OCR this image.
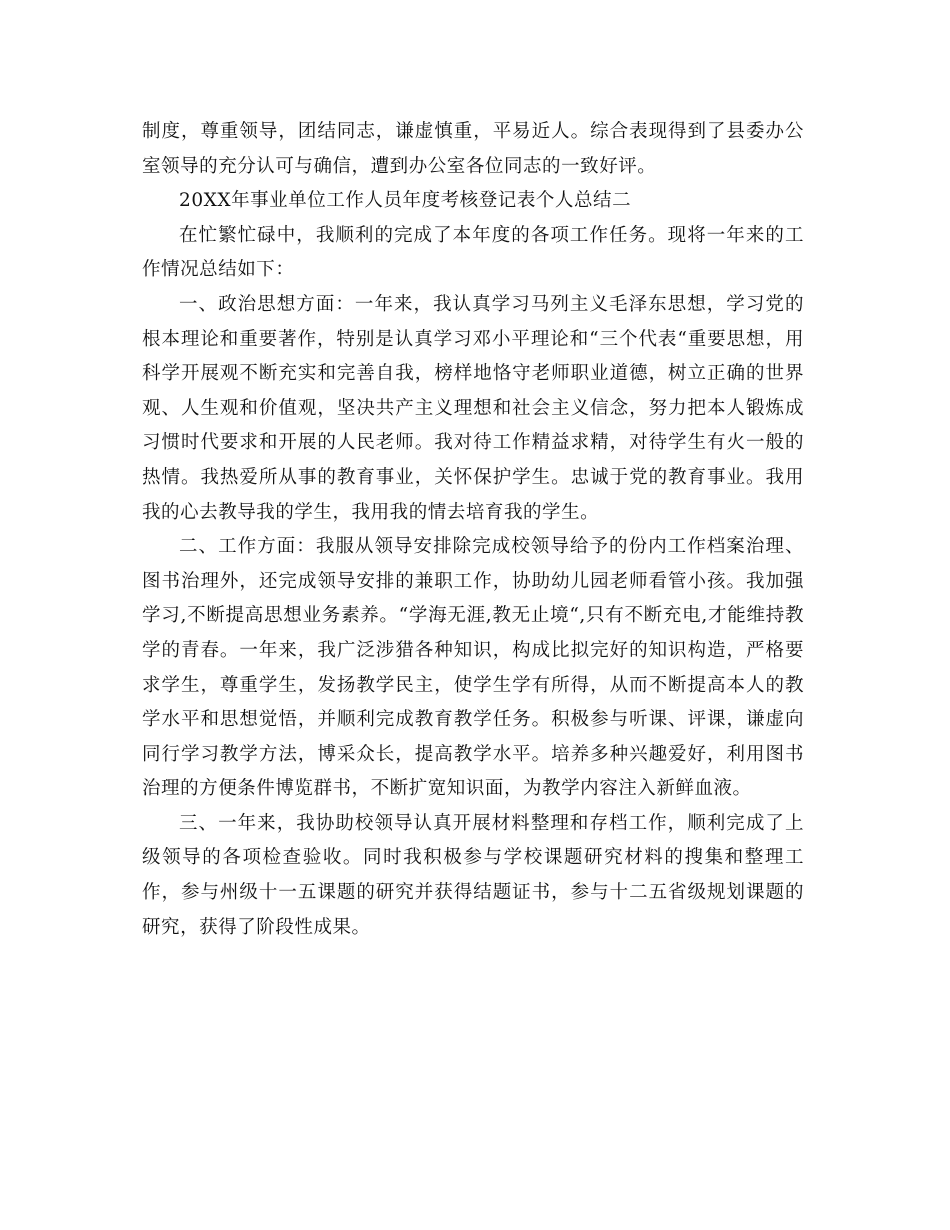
制度，尊重领导，团结同志，谦虚慎重，平易近人。综合表现得到了县委办公室领导的充分认可与确信，遭到办公室各位同志的一致好评。

20XX年事业单位工作人员年度考核登记表个人总结二

在忙繁忙碌中，我顺利的完成了本年度的各项工作任务。现将一年来的工作情况总结如下：

一、政治思想方面：一年来，我认真学习马列主义毛泽东思想，学习党的根本理论和重要著作，特别是认真学习邓小平理论和“三个代表“重要思想，用科学开展观不断充实和完善自我，榜样地恪守老师职业道德，树立正确的世界观、人生观和价值观，坚决共产主义理想和社会主义信念，努力把本人锻炼成习惯时代要求和开展的人民老师。我对待工作精益求精，对待学生有火一般的热情。我热爱所从事的教育事业，关怀保护学生。忠诚于党的教育事业。我用我的心去教导我的学生，我用我的情去培育我的学生。

二、工作方面：我服从领导安排除完成校领导给予的份内工作档案治理、图书治理外，还完成领导安排的兼职工作，协助幼儿园老师看管小孩。我加强学习,不断提高思想业务素养。“学海无涯,教无止境“,只有不断充电,才能维持教学的青春。一年来，我广泛涉猎各种知识，构成比拟完好的知识构造，严格要求学生，尊重学生，发扬教学民主，使学生学有所得，从而不断提高本人的教学水平和思想觉悟，并顺利完成教育教学任务。积极参与听课、评课，谦虚向同行学习教学方法，博采众长，提高教学水平。培养多种兴趣爱好，利用图书治理的方便条件博览群书，不断扩宽知识面，为教学内容注入新鲜血液。

三、一年来，我协助校领导认真开展材料整理和存档工作，顺利完成了上级领导的各项检查验收。同时我积极参与学校课题研究材料的搜集和整理工作，参与州级十一五课题的研究并获得结题证书，参与十二五省级规划课题的研究，获得了阶段性成果。
